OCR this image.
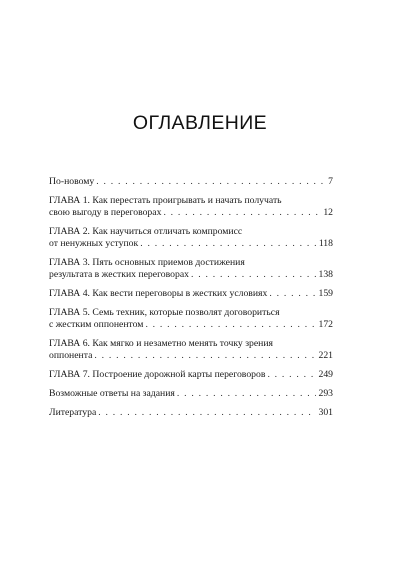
ОГЛАВЛЕНИЕ
По-новому . . .	7
ГЛАВА 1. Как перестать проигрывать и начать получать
свою выгоду в переговорах . . .	12
ГЛАВА 2. Как научиться отличать компромисс
от ненужных уступок . . .	118
ГЛАВА 3. Пять основных приемов достижения
результата в жестких переговорах . . .	138
ГЛАВА 4. Как вести переговоры в жестких условиях . . .	159
ГЛАВА 5. Семь техник, которые позволят договориться
с жестким оппонентом . . .	172
ГЛАВА 6. Как мягко и незаметно менять точку зрения
оппонента . . .	221
ГЛАВА 7. Построение дорожной карты переговоров . . .	249
Возможные ответы на задания . . .	293
Литература . . .	301
